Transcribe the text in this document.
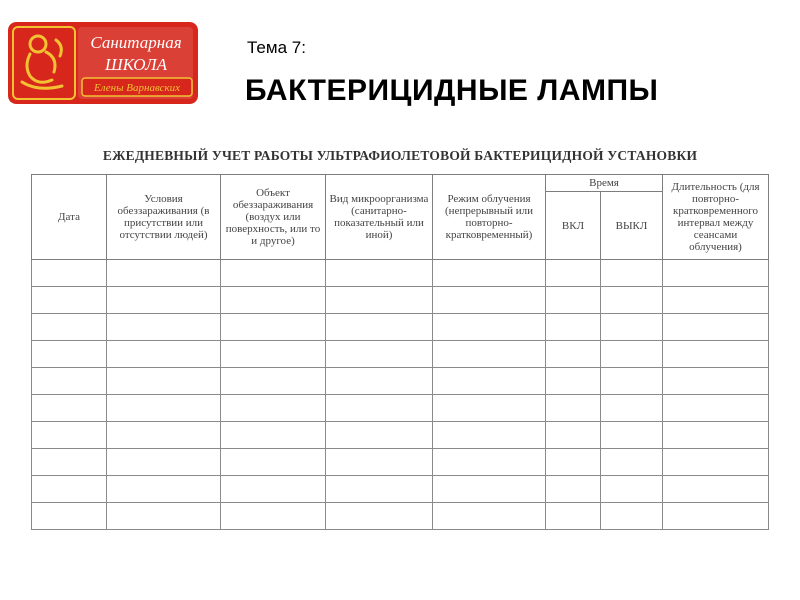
Санитарная
ШКОЛА
Елены Варнавских
Тема 7:
БАКТЕРИЦИДНЫЕ ЛАМПЫ
ЕЖЕДНЕВНЫЙ УЧЕТ РАБОТЫ УЛЬТРАФИОЛЕТОВОЙ БАКТЕРИЦИДНОЙ УСТАНОВКИ
Дата	Условия обеззараживания (в присутствии или отсутствии людей)	Объект обеззараживания (воздух или поверхность, или то и другое)	Вид микроорганизма (санитарно-показательный или иной)	Режим облучения (непрерывный или повторно-кратковременный)	Время		Длительность (для повторно-кратковременного интервал между сеансами облучения)
					ВКЛ	ВЫКЛ	
